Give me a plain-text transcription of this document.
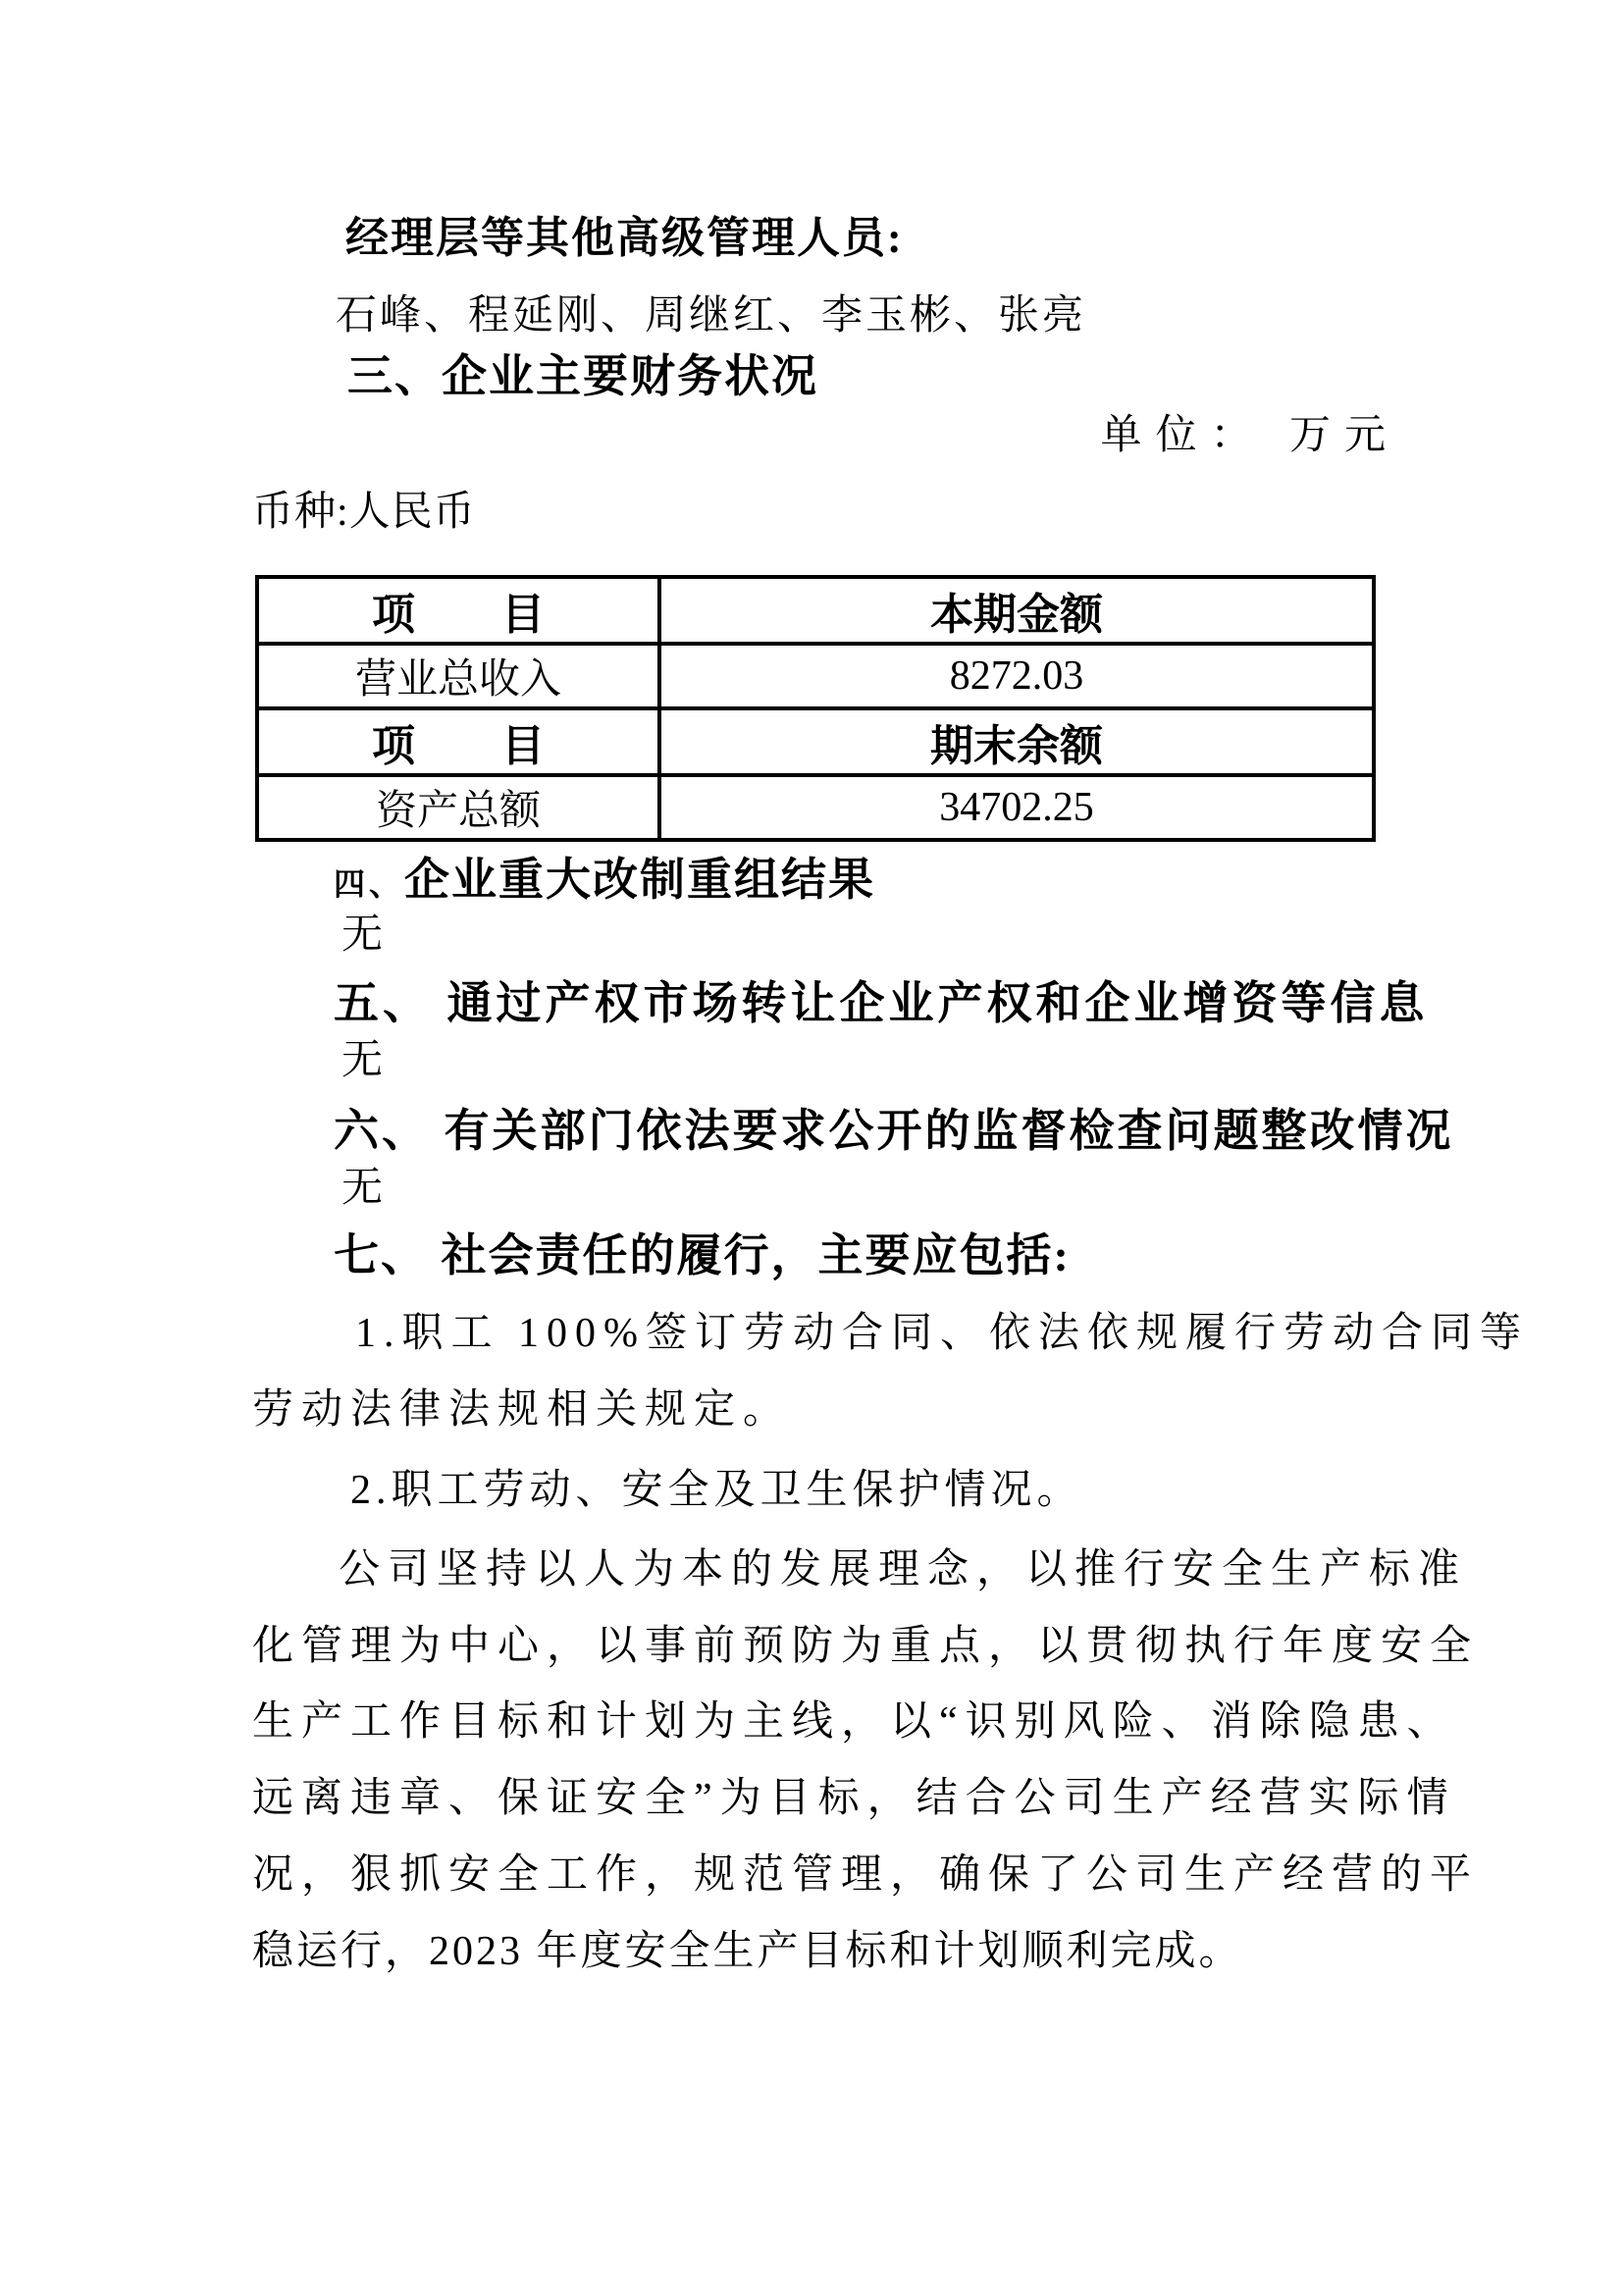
经理层等其他高级管理人员:
石峰、程延刚、周继红、李玉彬、张亮
三、企业主要财务状况
单位： 万元
币种:人民币
项　　目	本期金额
营业总收入	8272.03
项　　目	期末余额
资产总额	34702.25
四、企业重大改制重组结果
无
五、 通过产权市场转让企业产权和企业增资等信息
无
六、 有关部门依法要求公开的监督检查问题整改情况
无
七、 社会责任的履行，主要应包括:
1.职工 100%签订劳动合同、依法依规履行劳动合同等
劳动法律法规相关规定。
2.职工劳动、安全及卫生保护情况。
公司坚持以人为本的发展理念，以推行安全生产标准
化管理为中心，以事前预防为重点，以贯彻执行年度安全
生产工作目标和计划为主线，以“识别风险、消除隐患、
远离违章、保证安全”为目标，结合公司生产经营实际情
况，狠抓安全工作，规范管理，确保了公司生产经营的平
稳运行，2023 年度安全生产目标和计划顺利完成。
